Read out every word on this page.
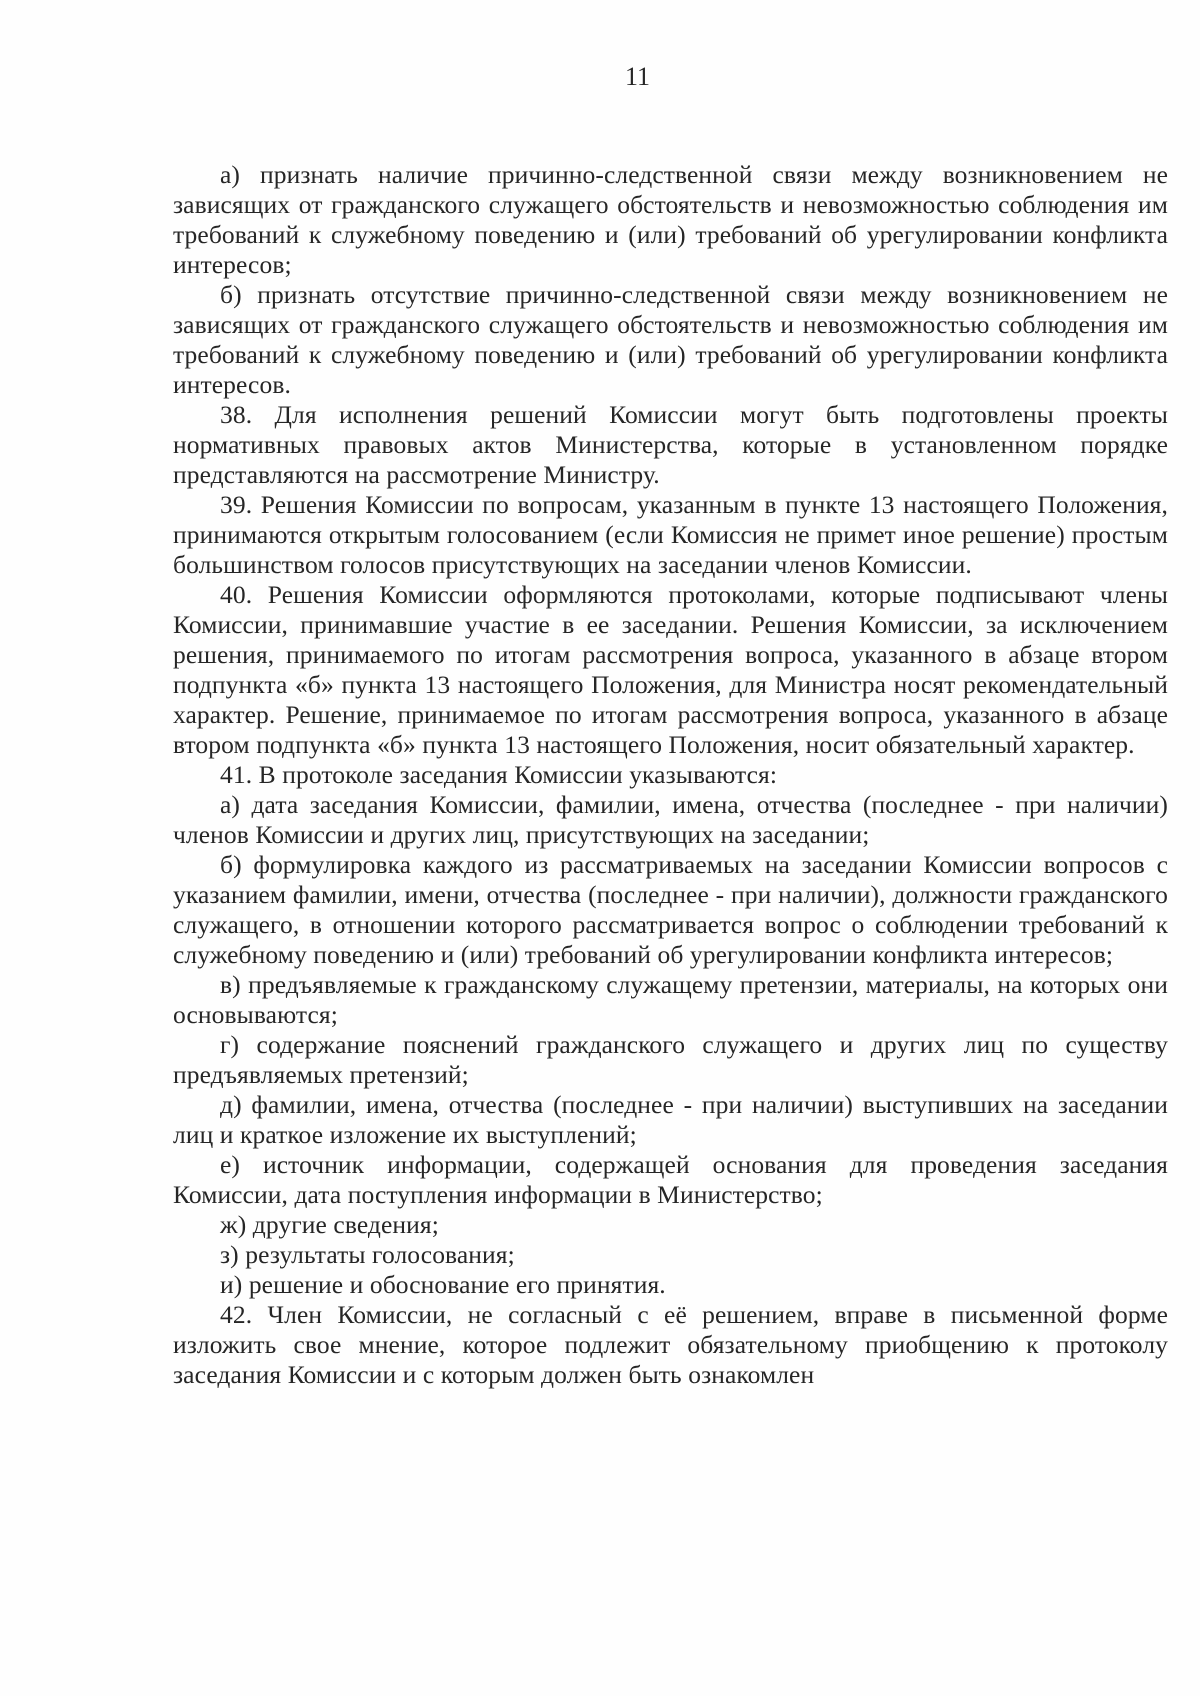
11

а) признать наличие причинно-следственной связи между возникновением не зависящих от гражданского служащего обстоятельств и невозможностью соблюдения им требований к служебному поведению и (или) требований об урегулировании конфликта интересов;

б) признать отсутствие причинно-следственной связи между возникновением не зависящих от гражданского служащего обстоятельств и невозможностью соблюдения им требований к служебному поведению и (или) требований об урегулировании конфликта интересов.

38. Для исполнения решений Комиссии могут быть подготовлены проекты нормативных правовых актов Министерства, которые в установленном порядке представляются на рассмотрение Министру.

39. Решения Комиссии по вопросам, указанным в пункте 13 настоящего Положения, принимаются открытым голосованием (если Комиссия не примет иное решение) простым большинством голосов присутствующих на заседании членов Комиссии.

40. Решения Комиссии оформляются протоколами, которые подписывают члены Комиссии, принимавшие участие в ее заседании. Решения Комиссии, за исключением решения, принимаемого по итогам рассмотрения вопроса, указанного в абзаце втором подпункта «б» пункта 13 настоящего Положения, для Министра носят рекомендательный характер. Решение, принимаемое по итогам рассмотрения вопроса, указанного в абзаце втором подпункта «б» пункта 13 настоящего Положения, носит обязательный характер.

41. В протоколе заседания Комиссии указываются:

а) дата заседания Комиссии, фамилии, имена, отчества (последнее - при наличии) членов Комиссии и других лиц, присутствующих на заседании;

б) формулировка каждого из рассматриваемых на заседании Комиссии вопросов с указанием фамилии, имени, отчества (последнее - при наличии), должности гражданского служащего, в отношении которого рассматривается вопрос о соблюдении требований к служебному поведению и (или) требований об урегулировании конфликта интересов;

в) предъявляемые к гражданскому служащему претензии, материалы, на которых они основываются;

г) содержание пояснений гражданского служащего и других лиц по существу предъявляемых претензий;

д) фамилии, имена, отчества (последнее - при наличии) выступивших на заседании лиц и краткое изложение их выступлений;

е) источник информации, содержащей основания для проведения заседания Комиссии, дата поступления информации в Министерство;

ж) другие сведения;

з) результаты голосования;

и) решение и обоснование его принятия.

42. Член Комиссии, не согласный с её решением, вправе в письменной форме изложить свое мнение, которое подлежит обязательному приобщению к протоколу заседания Комиссии и с которым должен быть ознакомлен
